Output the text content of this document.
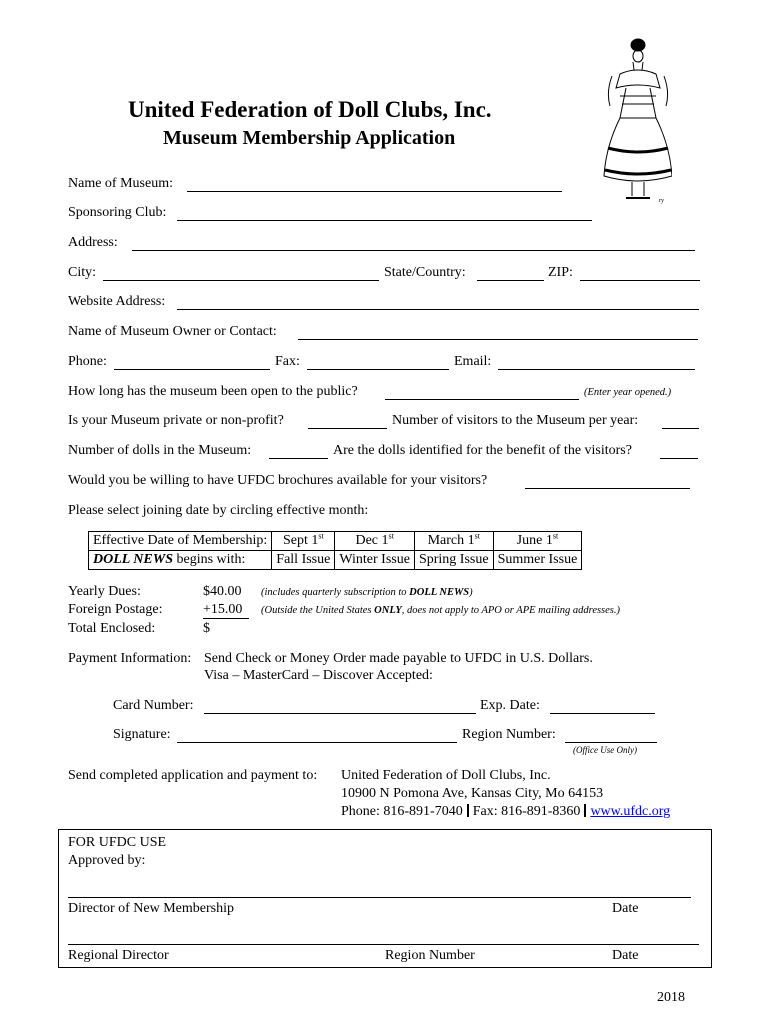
United Federation of Doll Clubs, Inc.
Museum Membership Application
ry
Name of Museum:
Sponsoring Club:
Address:
City:	State/Country:	ZIP:
Website Address:
Name of Museum Owner or Contact:
Phone:	Fax:	Email:
How long has the museum been open to the public?	(Enter year opened.)
Is your Museum private or non-profit?	Number of visitors to the Museum per year:
Number of dolls in the Museum:	Are the dolls identified for the benefit of the visitors?
Would you be willing to have UFDC brochures available for your visitors?
Please select joining date by circling effective month:
Effective Date of Membership:	Sept 1st	Dec 1st	March 1st	June 1st
DOLL NEWS begins with:	Fall Issue	Winter Issue	Spring Issue	Summer Issue
Yearly Dues:	$40.00 (includes quarterly subscription to DOLL NEWS)
Foreign Postage:	+15.00	(Outside the United States ONLY, does not apply to APO or APE mailing addresses.)
Total Enclosed:	$
Payment Information: Send Check or Money Order made payable to UFDC in U.S. Dollars.
Visa – MasterCard – Discover Accepted:
Card Number:	Exp. Date:
Signature:	Region Number:
(Office Use Only)
Send completed application and payment to: United Federation of Doll Clubs, Inc.
10900 N Pomona Ave, Kansas City, Mo 64153
Phone: 816-891-7040 Fax: 816-891-8360 www.ufdc.org
FOR UFDC USE
Approved by:
Director of New Membership	Date
Regional Director	Region Number	Date
2018
